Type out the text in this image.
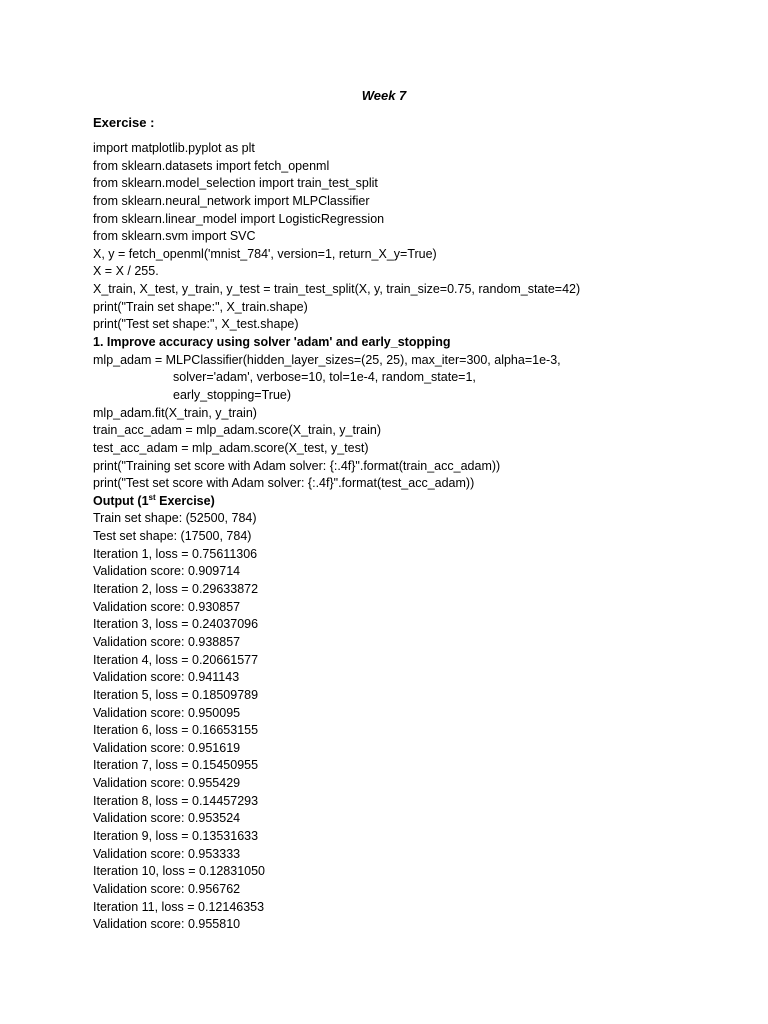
Week 7
Exercise :
import matplotlib.pyplot as plt
from sklearn.datasets import fetch_openml
from sklearn.model_selection import train_test_split
from sklearn.neural_network import MLPClassifier
from sklearn.linear_model import LogisticRegression
from sklearn.svm import SVC
X, y = fetch_openml('mnist_784', version=1, return_X_y=True)
X = X / 255.
X_train, X_test, y_train, y_test = train_test_split(X, y, train_size=0.75, random_state=42)
print("Train set shape:", X_train.shape)
print("Test set shape:", X_test.shape)
1. Improve accuracy using solver 'adam' and early_stopping
mlp_adam = MLPClassifier(hidden_layer_sizes=(25, 25), max_iter=300, alpha=1e-3,
solver='adam', verbose=10, tol=1e-4, random_state=1,
early_stopping=True)
mlp_adam.fit(X_train, y_train)
train_acc_adam = mlp_adam.score(X_train, y_train)
test_acc_adam = mlp_adam.score(X_test, y_test)
print("Training set score with Adam solver: {:.4f}".format(train_acc_adam))
print("Test set score with Adam solver: {:.4f}".format(test_acc_adam))
Output (1st Exercise)
Train set shape: (52500, 784)
Test set shape: (17500, 784)
Iteration 1, loss = 0.75611306
Validation score: 0.909714
Iteration 2, loss = 0.29633872
Validation score: 0.930857
Iteration 3, loss = 0.24037096
Validation score: 0.938857
Iteration 4, loss = 0.20661577
Validation score: 0.941143
Iteration 5, loss = 0.18509789
Validation score: 0.950095
Iteration 6, loss = 0.16653155
Validation score: 0.951619
Iteration 7, loss = 0.15450955
Validation score: 0.955429
Iteration 8, loss = 0.14457293
Validation score: 0.953524
Iteration 9, loss = 0.13531633
Validation score: 0.953333
Iteration 10, loss = 0.12831050
Validation score: 0.956762
Iteration 11, loss = 0.12146353
Validation score: 0.955810
